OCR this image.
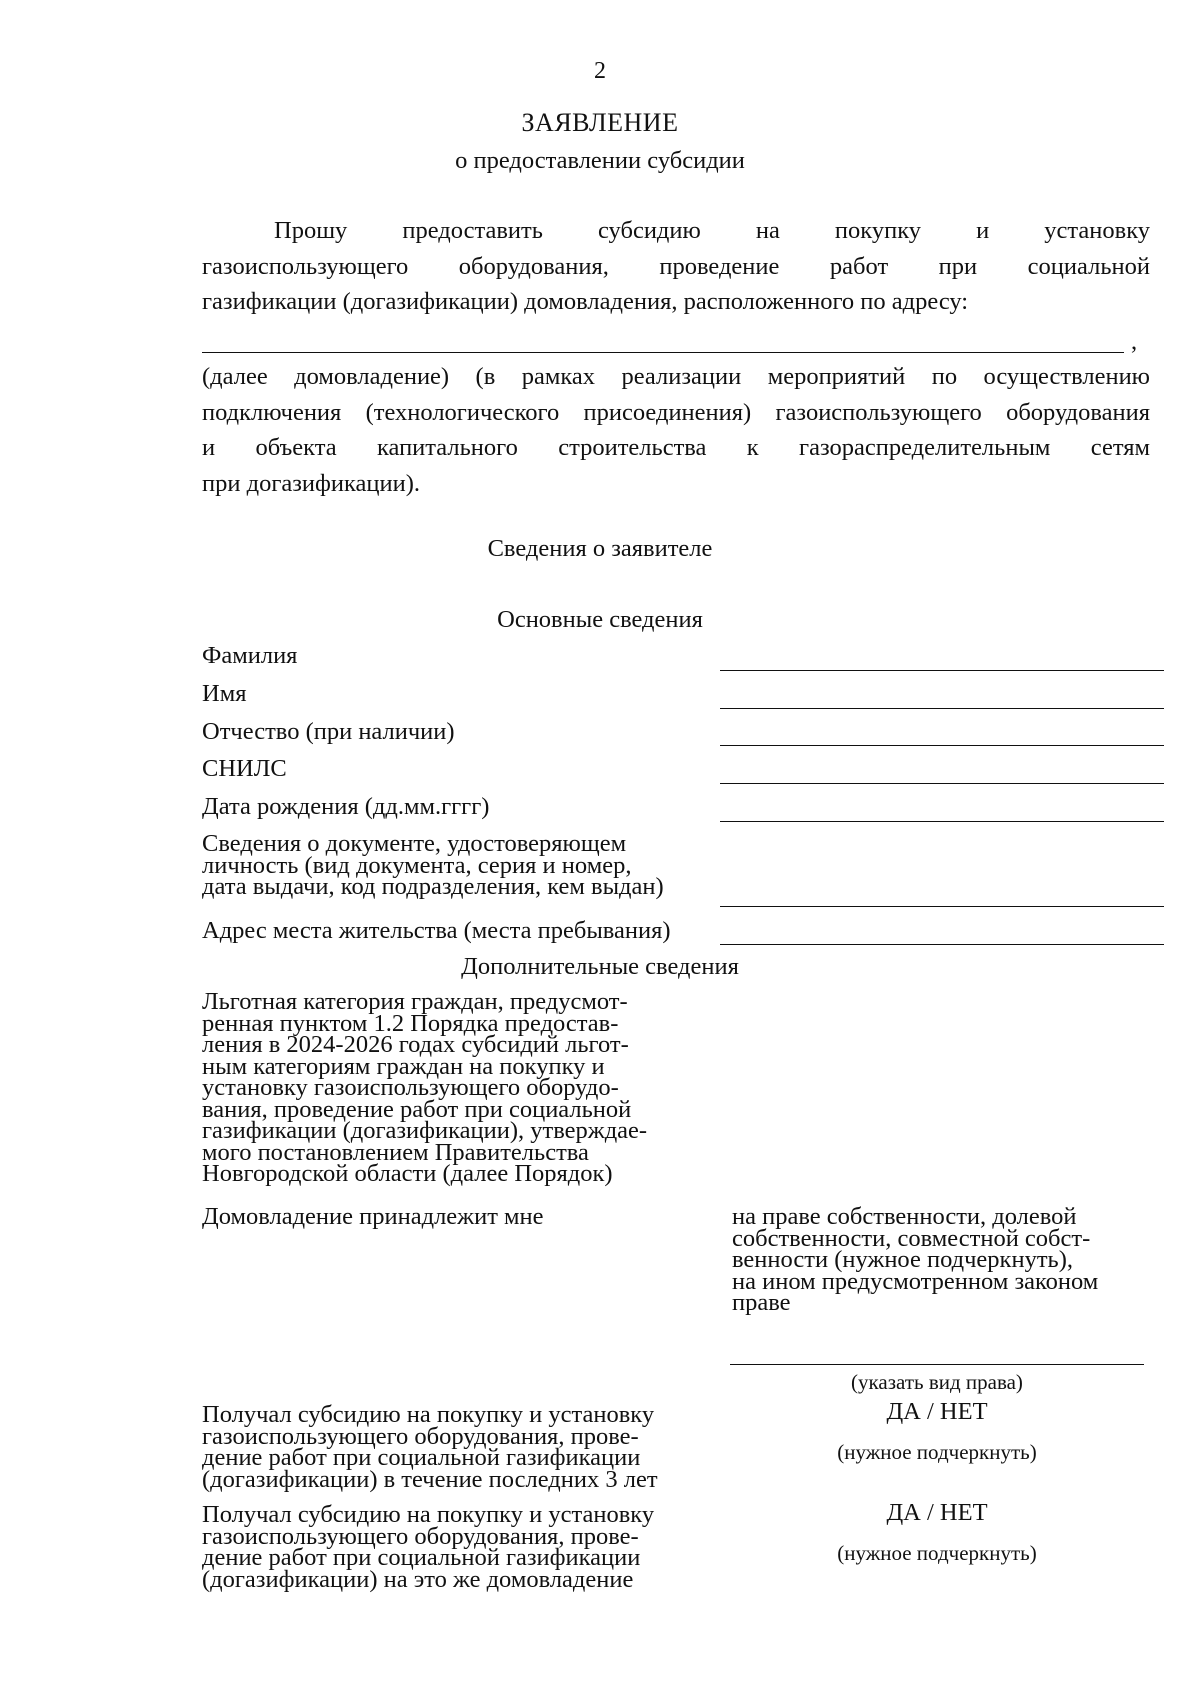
2
ЗАЯВЛЕНИЕ
о предоставлении субсидии
Прошу предоставить субсидию на покупку и установку
газоиспользующего оборудования, проведение работ при социальной
газификации (догазификации) домовладения, расположенного по адресу:
,
(далее домовладение) (в рамках реализации мероприятий по осуществлению
подключения (технологического присоединения) газоиспользующего оборудования
и объекта капитального строительства к газораспределительным сетям
при догазификации).
Сведения о заявителе
Основные сведения
Фамилия
Имя
Отчество (при наличии)
СНИЛС
Дата рождения (дд.мм.гггг)
Сведения о документе, удостоверяющем
личность (вид документа, серия и номер,
дата выдачи, код подразделения, кем выдан)
Адрес места жительства (места пребывания)
Дополнительные сведения
Льготная категория граждан, предусмот-
ренная пунктом 1.2 Порядка предостав-
ления в 2024-2026 годах субсидий льгот-
ным категориям граждан на покупку и
установку газоиспользующего оборудо-
вания, проведение работ при социальной
газификации (догазификации), утверждае-
мого постановлением Правительства
Новгородской области (далее Порядок)
Домовладение принадлежит мне	на праве собственности, долевой
собственности, совместной собст-
венности (нужное подчеркнуть),
на ином предусмотренном законом
праве
(указать вид права)
Получал субсидию на покупку и установку
газоиспользующего оборудования, прове-
дение работ при социальной газификации
(догазификации) в течение последних 3 лет
ДА / НЕТ
(нужное подчеркнуть)
Получал субсидию на покупку и установку
газоиспользующего оборудования, прове-
дение работ при социальной газификации
(догазификации) на это же домовладение
ДА / НЕТ
(нужное подчеркнуть)
